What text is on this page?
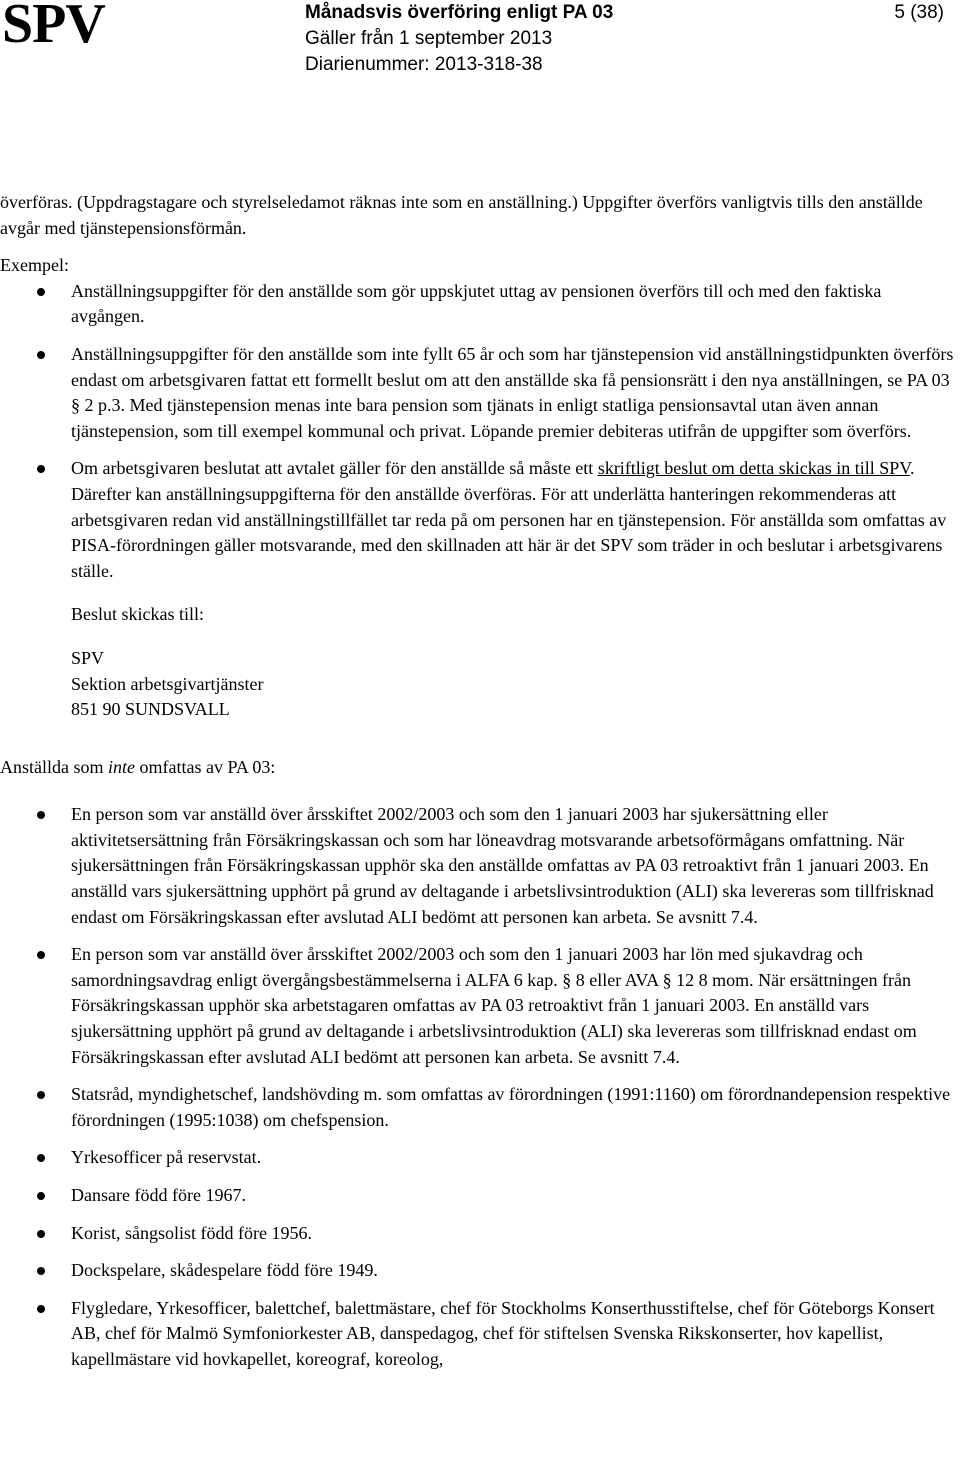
SPV	Månadsvis överföring enligt PA 03
Gäller från 1 september 2013
Diarienummer: 2013-318-38
5 (38)

överföras. (Uppdragstagare och styrelseledamot räknas inte som en anställning.) Uppgifter överförs vanligtvis tills den anställde avgår med tjänstepensionsförmån.

Exempel:

Anställningsuppgifter för den anställde som gör uppskjutet uttag av pensionen överförs till och med den faktiska avgången.
Anställningsuppgifter för den anställde som inte fyllt 65 år och som har tjänstepension vid anställningstidpunkten överförs endast om arbetsgivaren fattat ett formellt beslut om att den anställde ska få pensionsrätt i den nya anställningen, se PA 03 § 2 p.3. Med tjänstepension menas inte bara pension som tjänats in enligt statliga pensionsavtal utan även annan tjänstepension, som till exempel kommunal och privat. Löpande premier debiteras utifrån de uppgifter som överförs.
Om arbetsgivaren beslutat att avtalet gäller för den anställde så måste ett skriftligt beslut om detta skickas in till SPV. Därefter kan anställningsuppgifterna för den anställde överföras. För att underlätta hanteringen rekommenderas att arbetsgivaren redan vid anställningstillfället tar reda på om personen har en tjänstepension. För anställda som omfattas av PISA-förordningen gäller motsvarande, med den skillnaden att här är det SPV som träder in och beslutar i arbetsgivarens ställe.

Beslut skickas till:

SPV

Sektion arbetsgivartjänster

851 90 SUNDSVALL

Anställda som inte omfattas av PA 03:

En person som var anställd över årsskiftet 2002/2003 och som den 1 januari 2003 har sjukersättning eller aktivitetsersättning från Försäkringskassan och som har löneavdrag motsvarande arbetsoförmågans omfattning. När sjukersättningen från Försäkringskassan upphör ska den anställde omfattas av PA 03 retroaktivt från 1 januari 2003. En anställd vars sjukersättning upphört på grund av deltagande i arbetslivsintroduktion (ALI) ska levereras som tillfrisknad endast om Försäkringskassan efter avslutad ALI bedömt att personen kan arbeta. Se avsnitt 7.4.
En person som var anställd över årsskiftet 2002/2003 och som den 1 januari 2003 har lön med sjukavdrag och samordningsavdrag enligt övergångsbestämmelserna i ALFA 6 kap. § 8 eller AVA § 12 8 mom. När ersättningen från Försäkringskassan upphör ska arbetstagaren omfattas av PA 03 retroaktivt från 1 januari 2003. En anställd vars sjukersättning upphört på grund av deltagande i arbetslivsintroduktion (ALI) ska levereras som tillfrisknad endast om Försäkringskassan efter avslutad ALI bedömt att personen kan arbeta. Se avsnitt 7.4.
Statsråd, myndighetschef, landshövding m. som omfattas av förordningen (1991:1160) om förordnandepension respektive förordningen (1995:1038) om chefspension.
Yrkesofficer på reservstat.
Dansare född före 1967.
Korist, sångsolist född före 1956.
Dockspelare, skådespelare född före 1949.
Flygledare, Yrkesofficer, balettchef, balettmästare, chef för Stockholms Konserthusstiftelse, chef för Göteborgs Konsert AB, chef för Malmö Symfoniorkester AB, danspedagog, chef för stiftelsen Svenska Rikskonserter, hov kapellist, kapellmästare vid hovkapellet, koreograf, koreolog,
